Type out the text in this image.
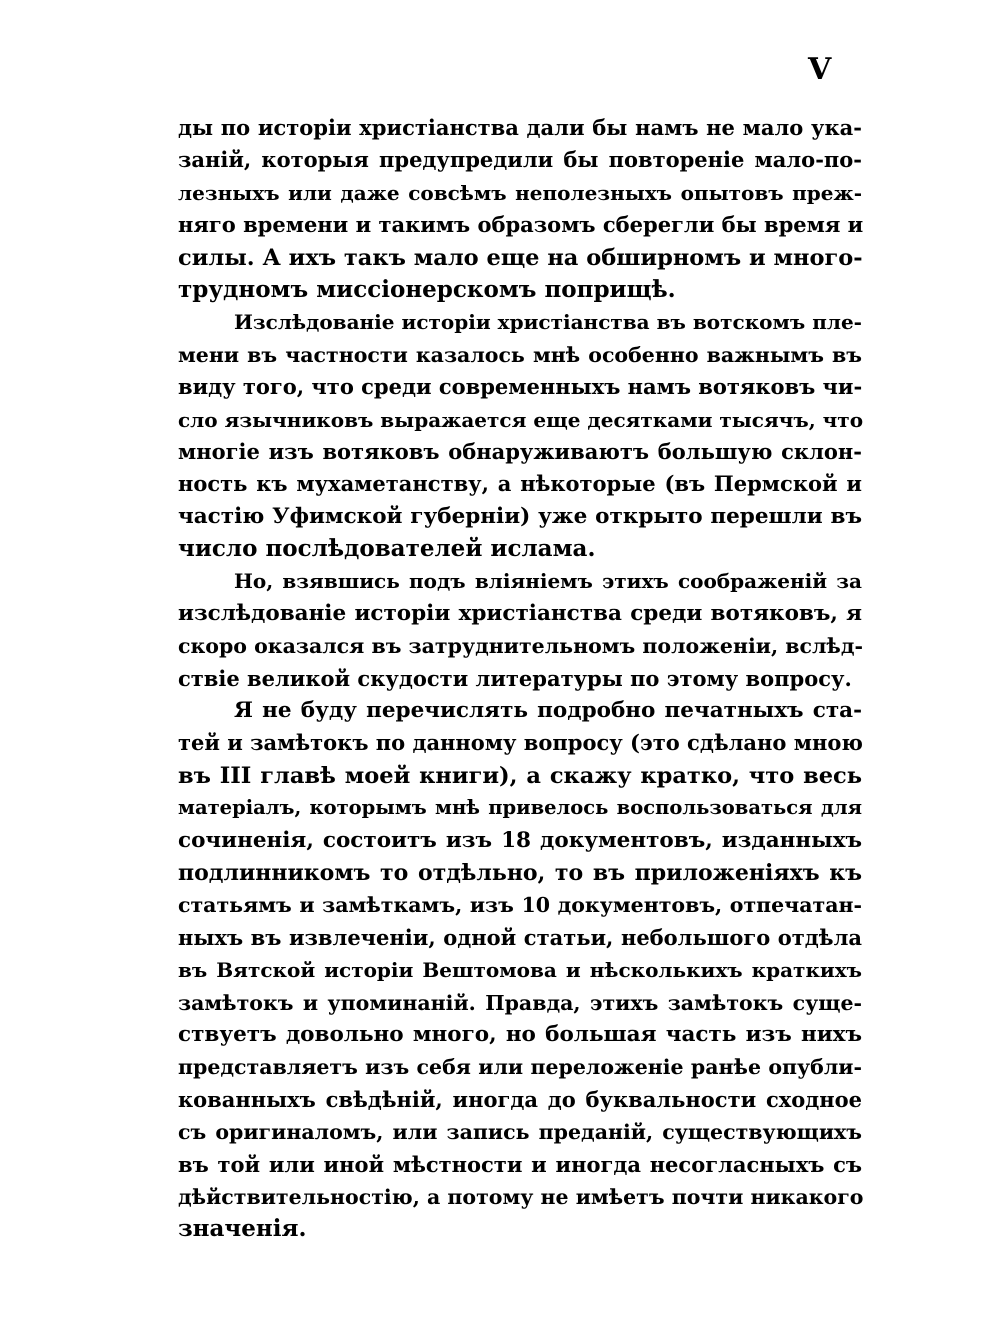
V
ды по исторіи христіанства дали бы намъ не мало ука-
заній, которыя предупредили бы повтореніе мало-по-
лезныхъ или даже совсѣмъ неполезныхъ опытовъ преж-
няго времени и такимъ образомъ сберегли бы время и
силы. А ихъ такъ мало еще на обширномъ и много-
трудномъ миссіонерскомъ поприщѣ.
Изслѣдованіе исторіи христіанства въ вотскомъ пле-
мени въ частности казалось мнѣ особенно важнымъ въ
виду того, что среди современныхъ намъ вотяковъ чи-
сло язычниковъ выражается еще десятками тысячъ, что
многіе изъ вотяковъ обнаруживаютъ большую склон-
ность къ мухаметанству, а нѣкоторые (въ Пермской и
частію Уфимской губерніи) уже открыто перешли въ
число послѣдователей ислама.
Но, взявшись подъ вліяніемъ этихъ соображеній за
изслѣдованіе исторіи христіанства среди вотяковъ, я
скоро оказался въ затруднительномъ положеніи, вслѣд-
ствіе великой скудости литературы по этому вопросу.
Я не буду перечислять подробно печатныхъ ста-
тей и замѣтокъ по данному вопросу (это сдѣлано мною
въ III главѣ моей книги), а скажу кратко, что весь
матеріалъ, которымъ мнѣ привелось воспользоваться для
сочиненія, состоитъ изъ 18 документовъ, изданныхъ
подлинникомъ то отдѣльно, то въ приложеніяхъ къ
статьямъ и замѣткамъ, изъ 10 документовъ, отпечатан-
ныхъ въ извлеченіи, одной статьи, небольшого отдѣла
въ Вятской исторіи Вештомова и нѣсколькихъ краткихъ
замѣтокъ и упоминаній. Правда, этихъ замѣтокъ суще-
ствуетъ довольно много, но большая часть изъ нихъ
представляетъ изъ себя или переложеніе ранѣе опубли-
кованныхъ свѣдѣній, иногда до буквальности сходное
съ оригиналомъ, или запись преданій, существующихъ
въ той или иной мѣстности и иногда несогласныхъ съ
дѣйствительностію, а потому не имѣетъ почти никакого
значенія.
